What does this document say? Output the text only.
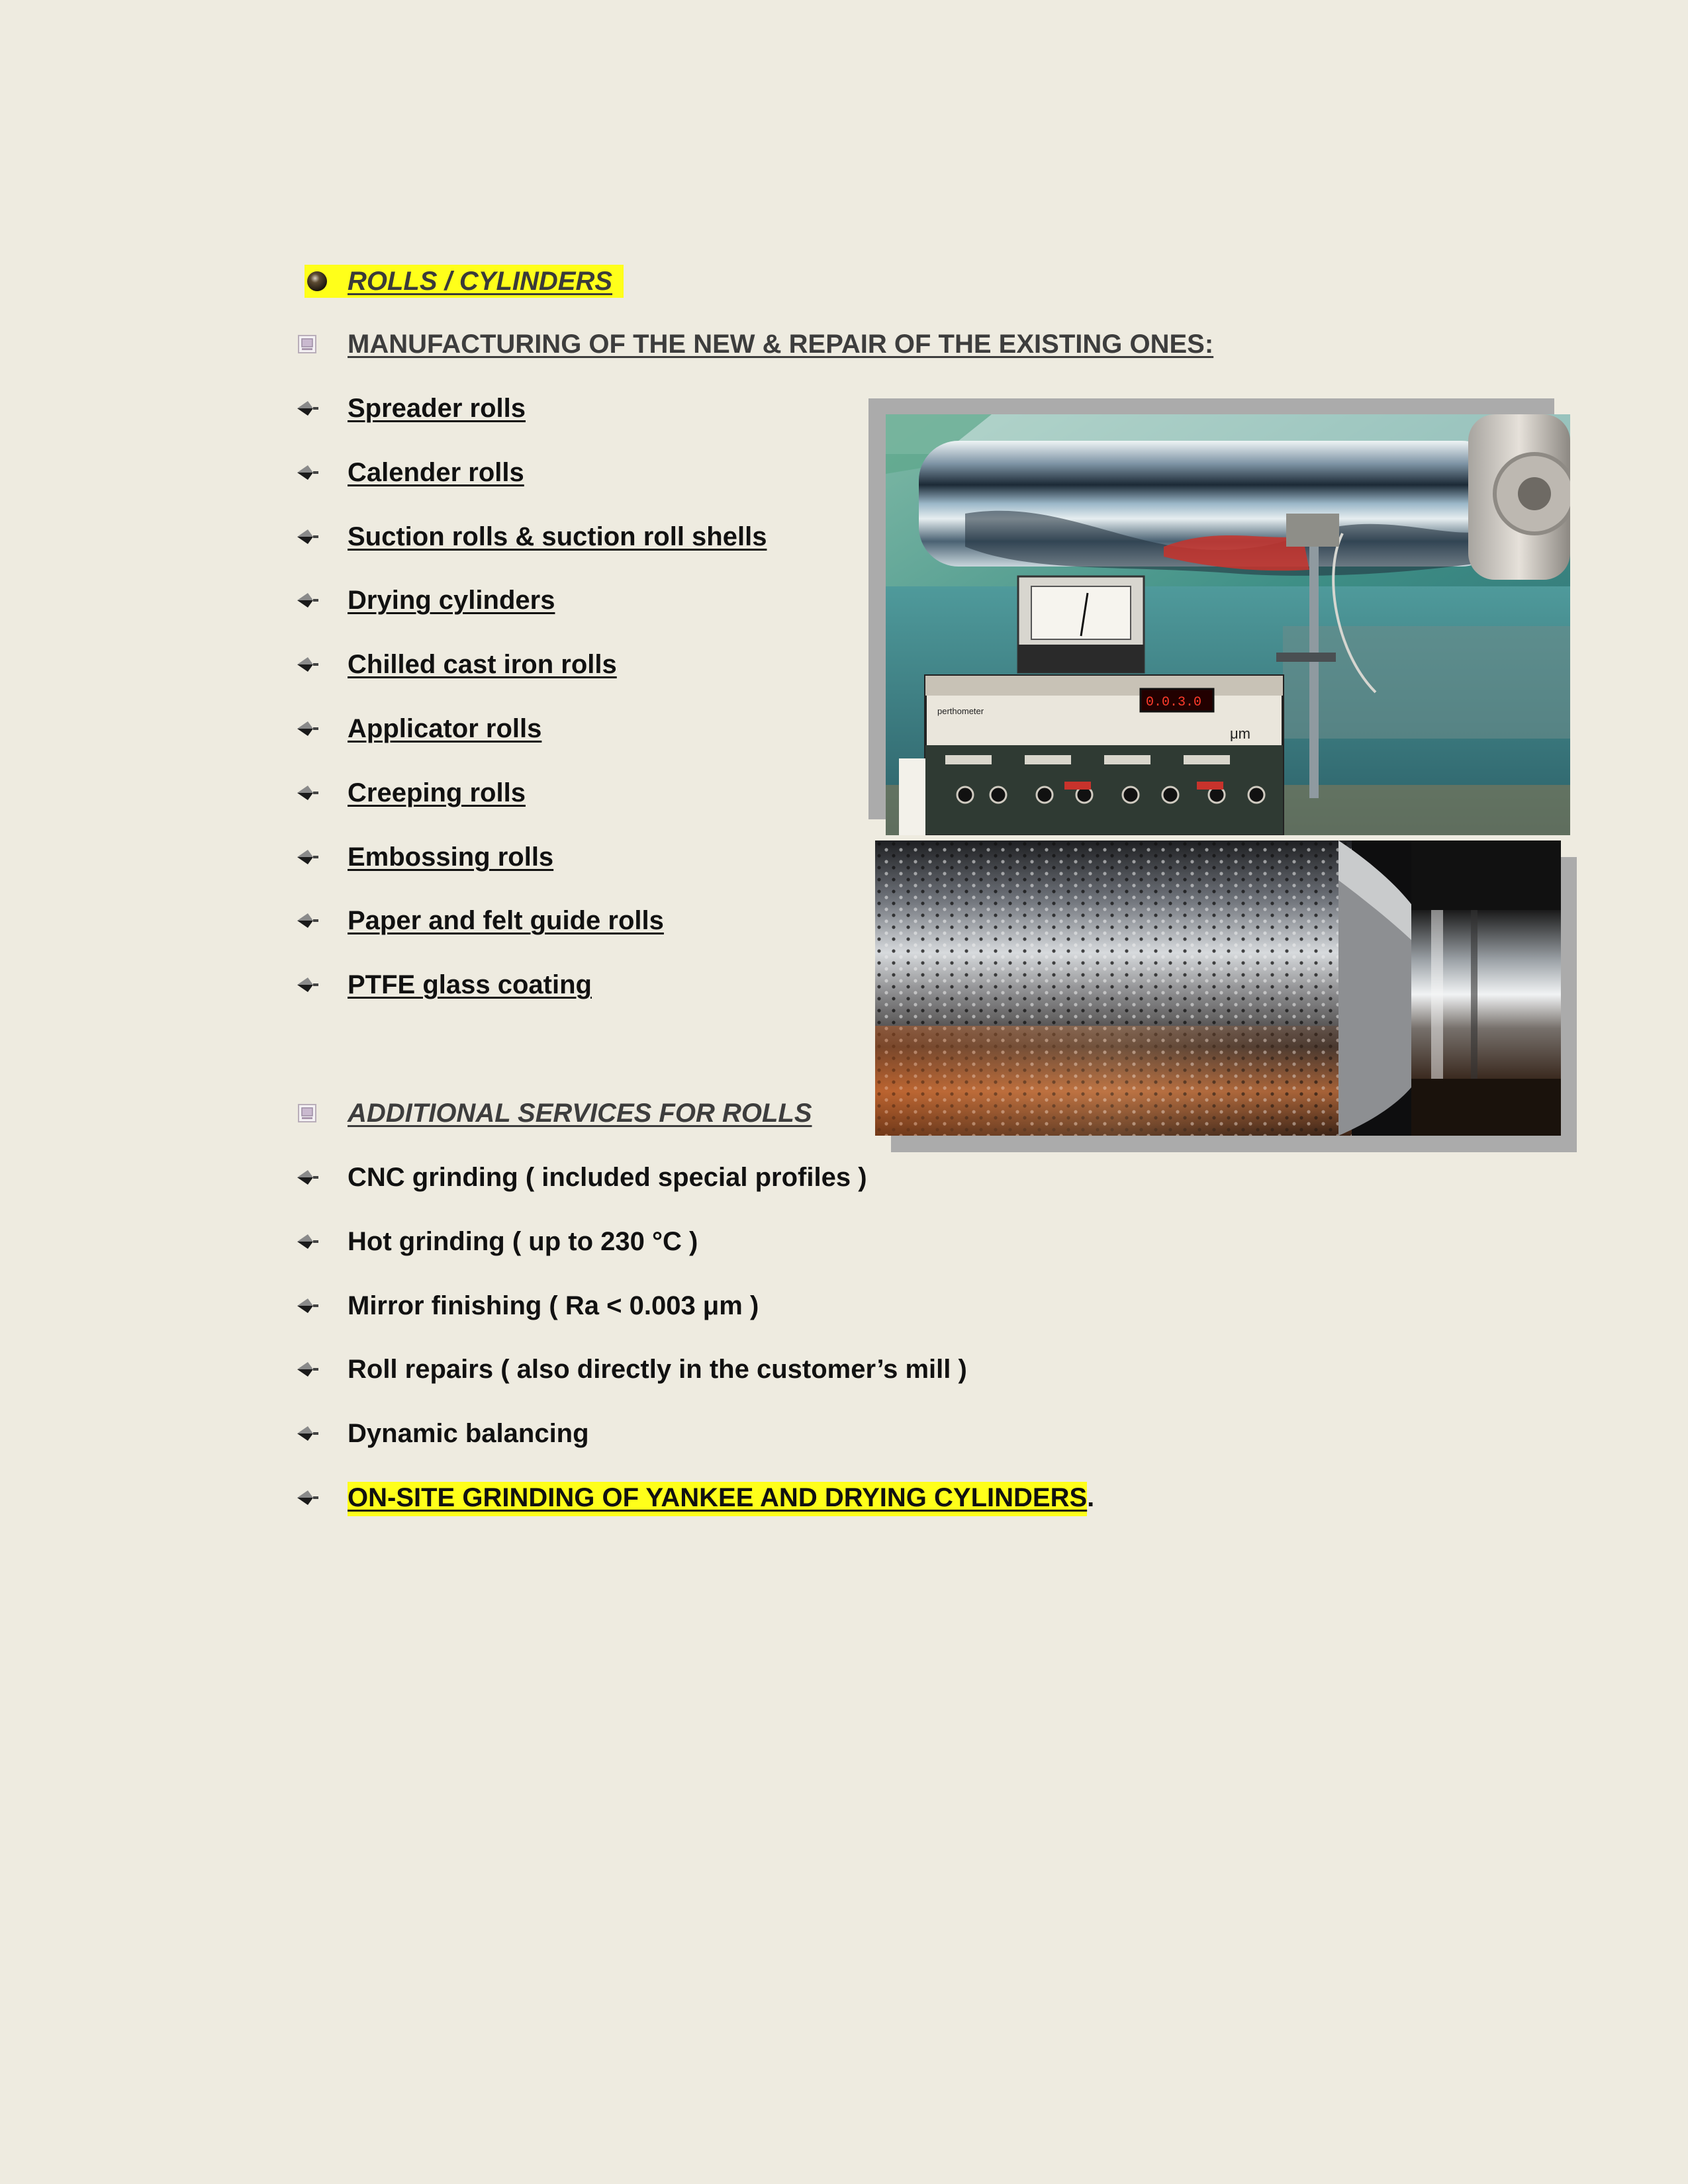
ROLLS / CYLINDERS
MANUFACTURING OF THE NEW & REPAIR OF THE EXISTING ONES:
Spreader rolls
Calender rolls
Suction rolls & suction roll shells
Drying cylinders
Chilled cast iron rolls
Applicator rolls
Creeping rolls
Embossing rolls
Paper and felt guide rolls
PTFE glass coating
ADDITIONAL SERVICES FOR ROLLS
CNC grinding ( included special profiles )
Hot grinding ( up to 230 °C )
Mirror finishing ( Ra < 0.003 μm )
Roll repairs ( also directly in the customer’s mill )
Dynamic balancing
ON-SITE GRINDING OF YANKEE AND DRYING CYLINDERS.
perthometer
0.0.3.0
μm
